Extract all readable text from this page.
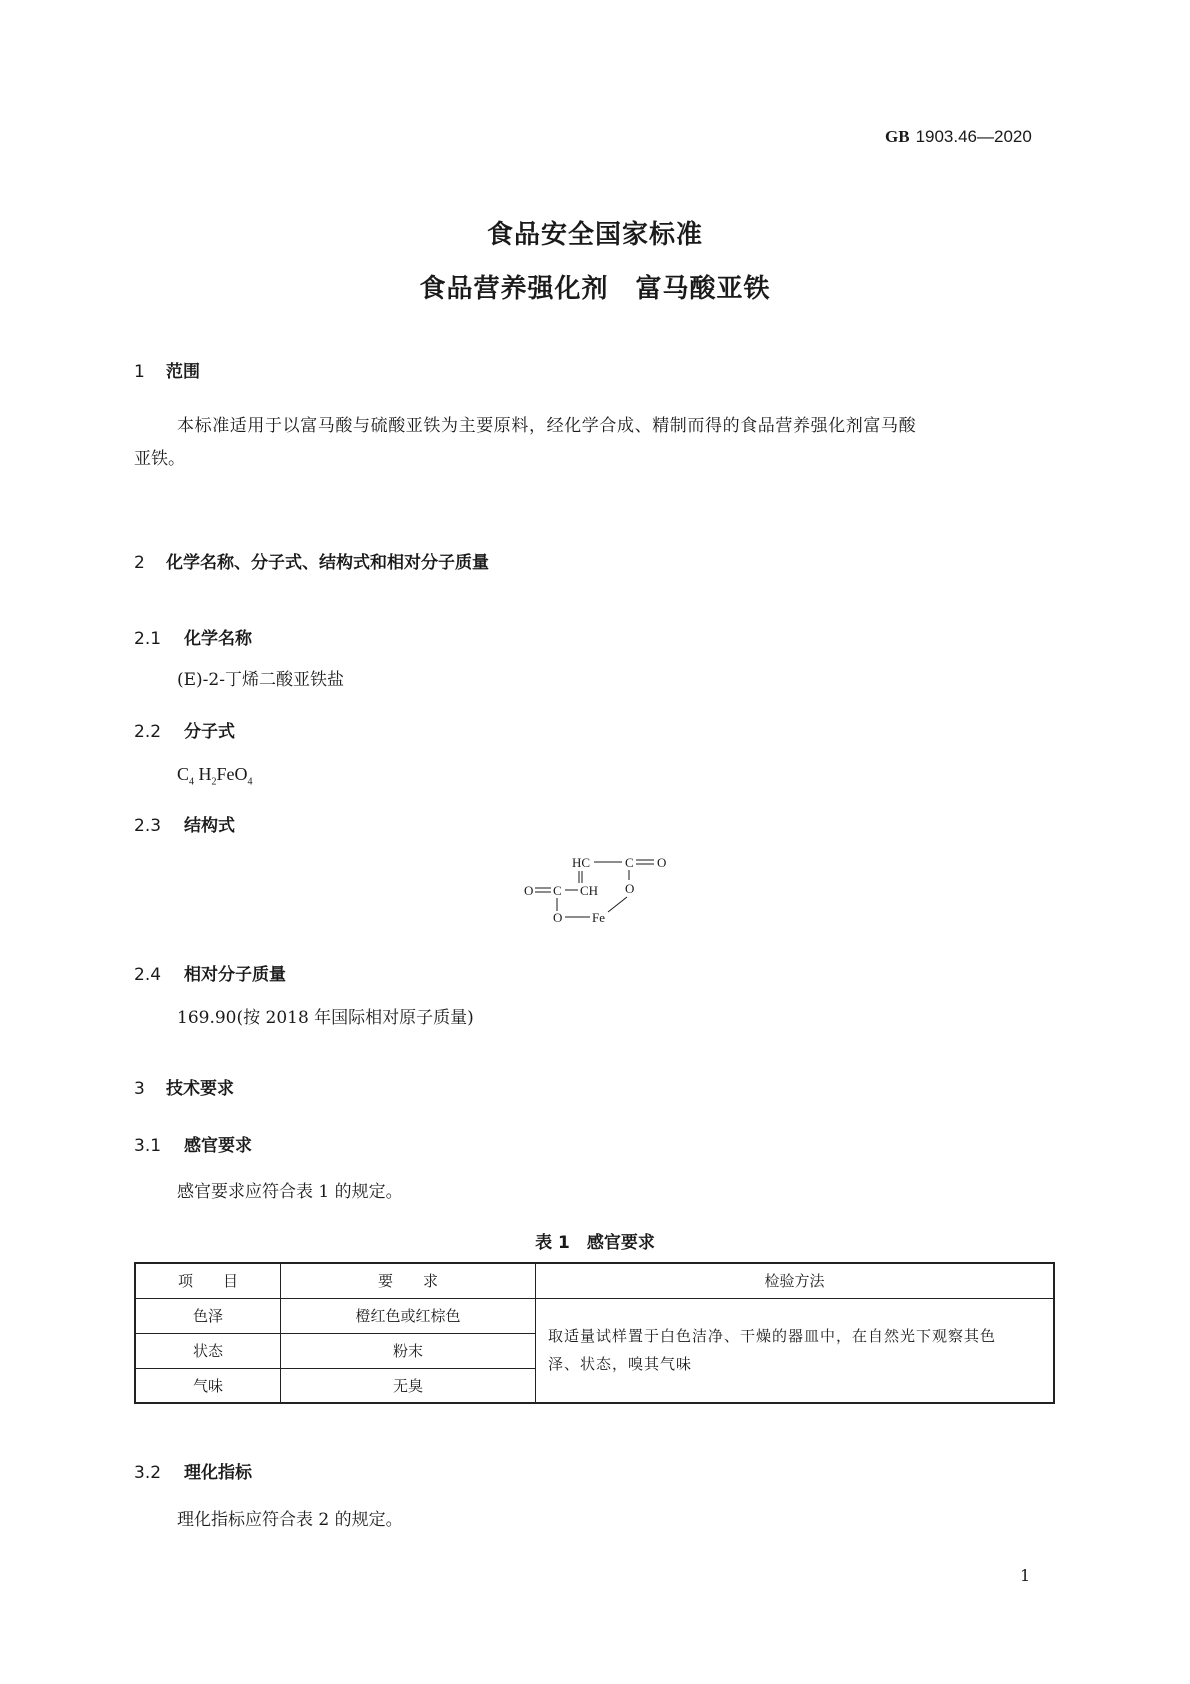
GB 1903.46—2020
食品安全国家标准
食品营养强化剂　富马酸亚铁
1 范围
本标准适用于以富马酸与硫酸亚铁为主要原料，经化学合成、精制而得的食品营养强化剂富马酸
亚铁。
2 化学名称、分子式、结构式和相对分子质量
2.1 化学名称
(E)-2-丁烯二酸亚铁盐
2.2 分子式
$C_4$ $H_2FeO_4$
2.3 结构式
HC	C O
O C CH O
O Fe
2.4 相对分子质量
169.90(按 2018 年国际相对原子质量)
3 技术要求
3.1 感官要求
感官要求应符合表 1 的规定。
表 1　感官要求
项　　目	要　　求	检验方法
色泽	橙红色或红棕色	取适量试样置于白色洁净、干燥的器皿中，在自然光下观察其色
泽、状态，嗅其气味

状态	粉末	
气味	无臭	
3.2 理化指标
理化指标应符合表 2 的规定。
1
